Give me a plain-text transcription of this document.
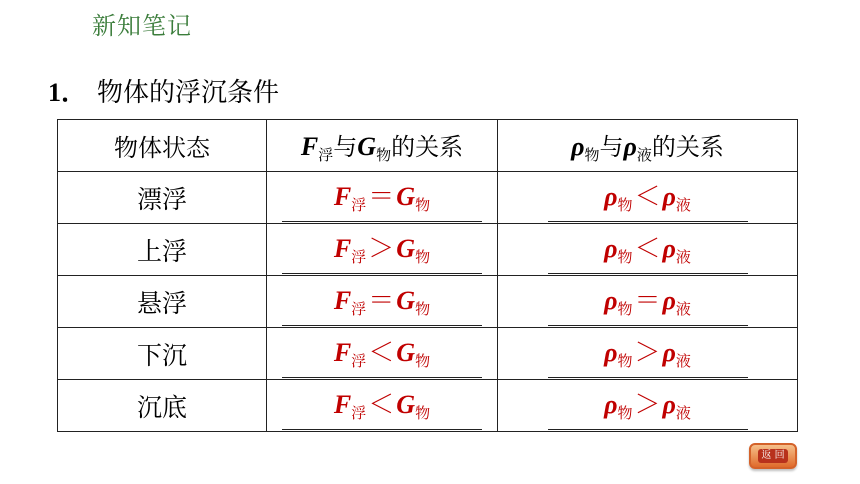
新知笔记
1． 物体的浮沉条件
物体状态	$F_浮$与$G_物$的关系	$\rho_物$与$\rho_液$的关系
漂浮	F浮＝G物	ρ物＜ρ液
上浮	F浮＞G物	ρ物＜ρ液
悬浮	F浮＝G物	ρ物＝ρ液
下沉	F浮＜G物	ρ物＞ρ液
沉底	F浮＜G物	ρ物＞ρ液
返 回
